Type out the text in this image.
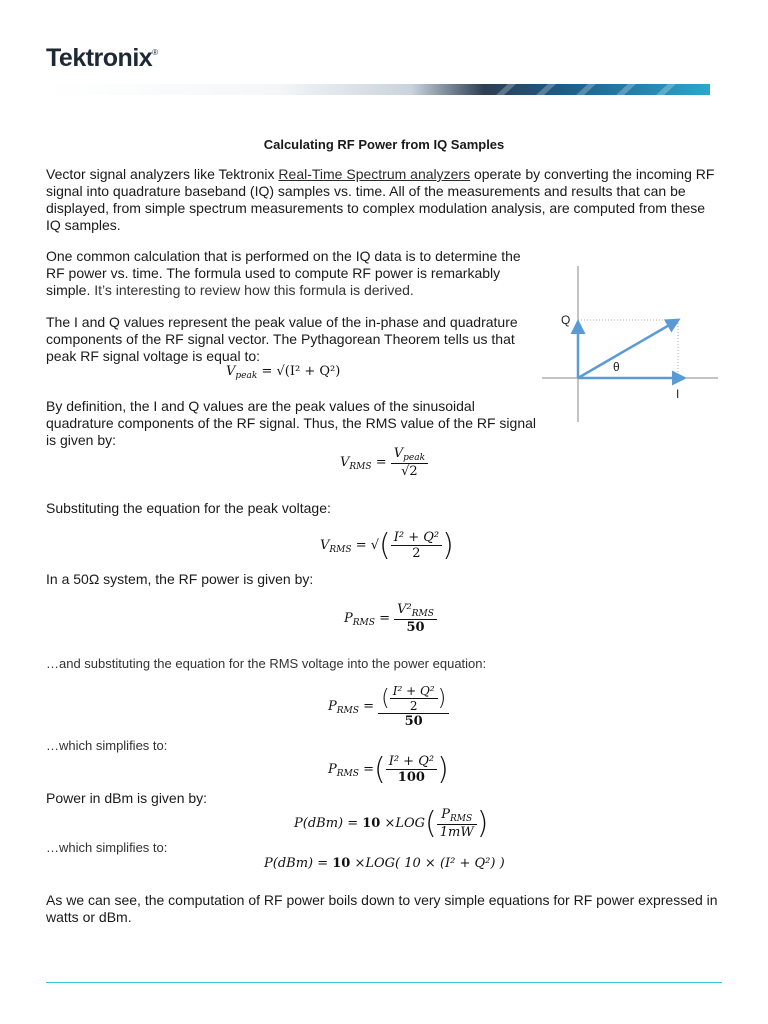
Tektronix®
Calculating RF Power from IQ Samples
Vector signal analyzers like Tektronix Real-Time Spectrum analyzers operate by converting the incoming RF signal into quadrature baseband (IQ) samples vs. time. All of the measurements and results that can be displayed, from simple spectrum measurements to complex modulation analysis, are computed from these IQ samples.
One common calculation that is performed on the IQ data is to determine the RF power vs. time. The formula used to compute RF power is remarkably simple. It’s interesting to review how this formula is derived.
The I and Q values represent the peak value of the in-phase and quadrature components of the RF signal vector. The Pythagorean Theorem tells us that peak RF signal voltage is equal to:
$V_{peak} = √(I^2 + Q^2)$
By definition, the I and Q values are the peak values of the sinusoidal quadrature components of the RF signal. Thus, the RMS value of the RF signal is given by:
$V_{RMS} = \frac{V_{peak}}{√2}$
Substituting the equation for the peak voltage:
$V_{RMS}$ = √( $\frac{\text{I² + Q²}}{2}$ )
In a 50Ω system, the RF power is given by:
$P_{RMS} = \frac{V^2_{RMS}}{50}$
…and substituting the equation for the RMS voltage into the power equation:
$P_{RMS} = \frac{( \frac{\text{I² + Q²}}{2} )}{50}$
…which simplifies to:
$P_{RMS}$ =( $\frac{\text{I² + Q²}}{100}$ )
Power in dBm is given by:
$P(dBm) = 10 \times LOG( \frac{P_{RMS}}{1mW}$ )
…which simplifies to:
P(dBm) = 10 ×LOG( 10 × (I² + Q²) )
As we can see, the computation of RF power boils down to very simple equations for RF power expressed in watts or dBm.
Q
I
θ
